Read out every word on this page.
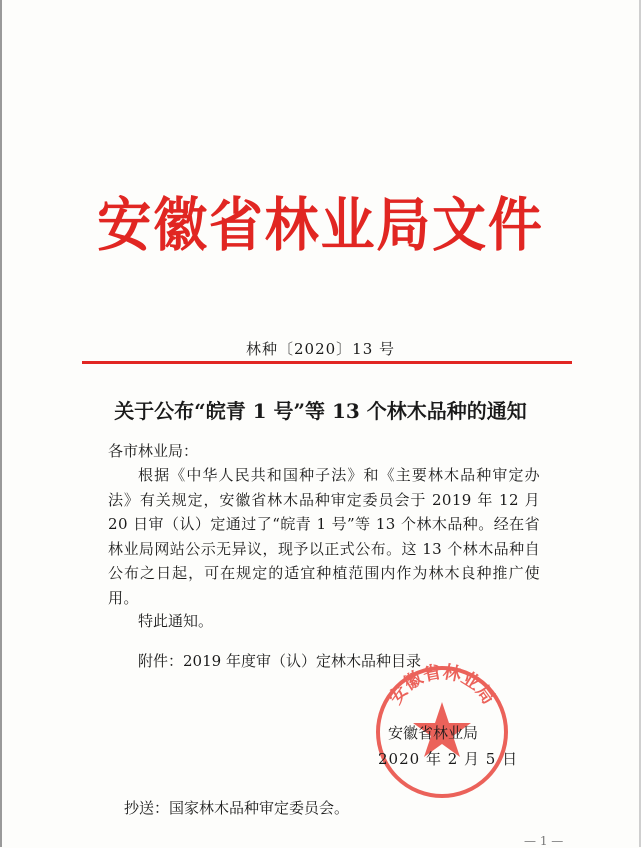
安徽省林业局文件
林种〔2020〕13 号
关于公布“皖青 1 号”等 13 个林木品种的通知
各市林业局：
根据《中华人民共和国种子法》和《主要林木品种审定办法》有关规定，安徽省林木品种审定委员会于 2019 年 12 月 20 日审（认）定通过了“皖青 1 号”等 13 个林木品种。经在省林业局网站公示无异议，现予以正式公布。这 13 个林木品种自公布之日起，可在规定的适宜种植范围内作为林木良种推广使用。
特此通知。
附件：2019 年度审（认）定林木品种目录
安徽省林业局
安徽省林业局
2020 年 2 月 5 日
抄送：国家林木品种审定委员会。
— 1 —
